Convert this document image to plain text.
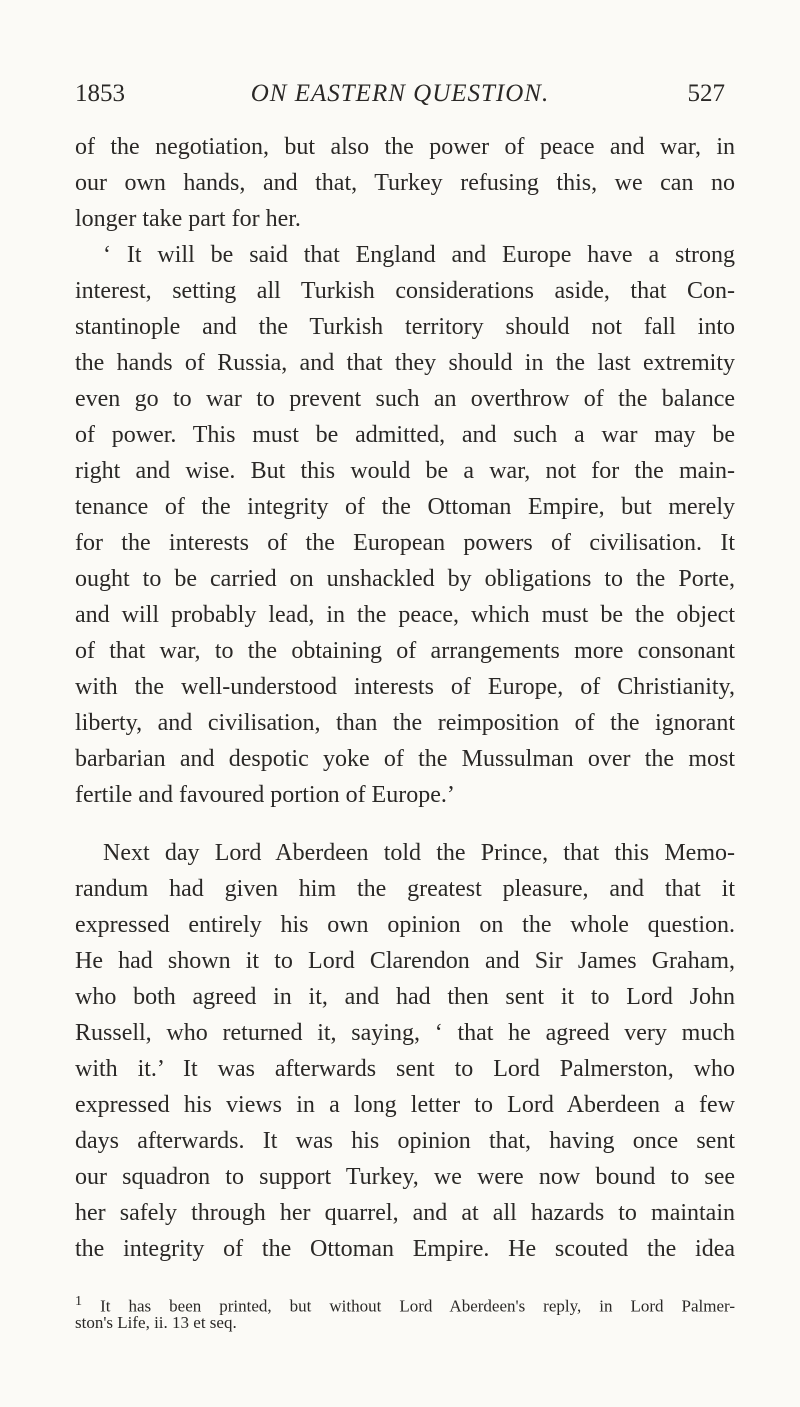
1853	ON EASTERN QUESTION.	527
of the negotiation, but also the power of peace and war, in
our own hands, and that, Turkey refusing this, we can no
longer take part for her.
‘ It will be said that England and Europe have a strong
interest, setting all Turkish considerations aside, that Con-
stantinople and the Turkish territory should not fall into
the hands of Russia, and that they should in the last extremity
even go to war to prevent such an overthrow of the balance
of power. This must be admitted, and such a war may be
right and wise. But this would be a war, not for the main-
tenance of the integrity of the Ottoman Empire, but merely
for the interests of the European powers of civilisation. It
ought to be carried on unshackled by obligations to the Porte,
and will probably lead, in the peace, which must be the object
of that war, to the obtaining of arrangements more consonant
with the well-understood interests of Europe, of Christianity,
liberty, and civilisation, than the reimposition of the ignorant
barbarian and despotic yoke of the Mussulman over the most
fertile and favoured portion of Europe.’
Next day Lord Aberdeen told the Prince, that this Memo-
randum had given him the greatest pleasure, and that it
expressed entirely his own opinion on the whole question.
He had shown it to Lord Clarendon and Sir James Graham,
who both agreed in it, and had then sent it to Lord John
Russell, who returned it, saying, ‘ that he agreed very much
with it.’ It was afterwards sent to Lord Palmerston, who
expressed his views in a long letter to Lord Aberdeen a few
days afterwards. It was his opinion that, having once sent
our squadron to support Turkey, we were now bound to see
her safely through her quarrel, and at all hazards to maintain
the integrity of the Ottoman Empire. He scouted the idea
$^1$ It has been printed, but without Lord Aberdeen's reply, in Lord Palmer-
ston's Life, ii. 13 et seq.
